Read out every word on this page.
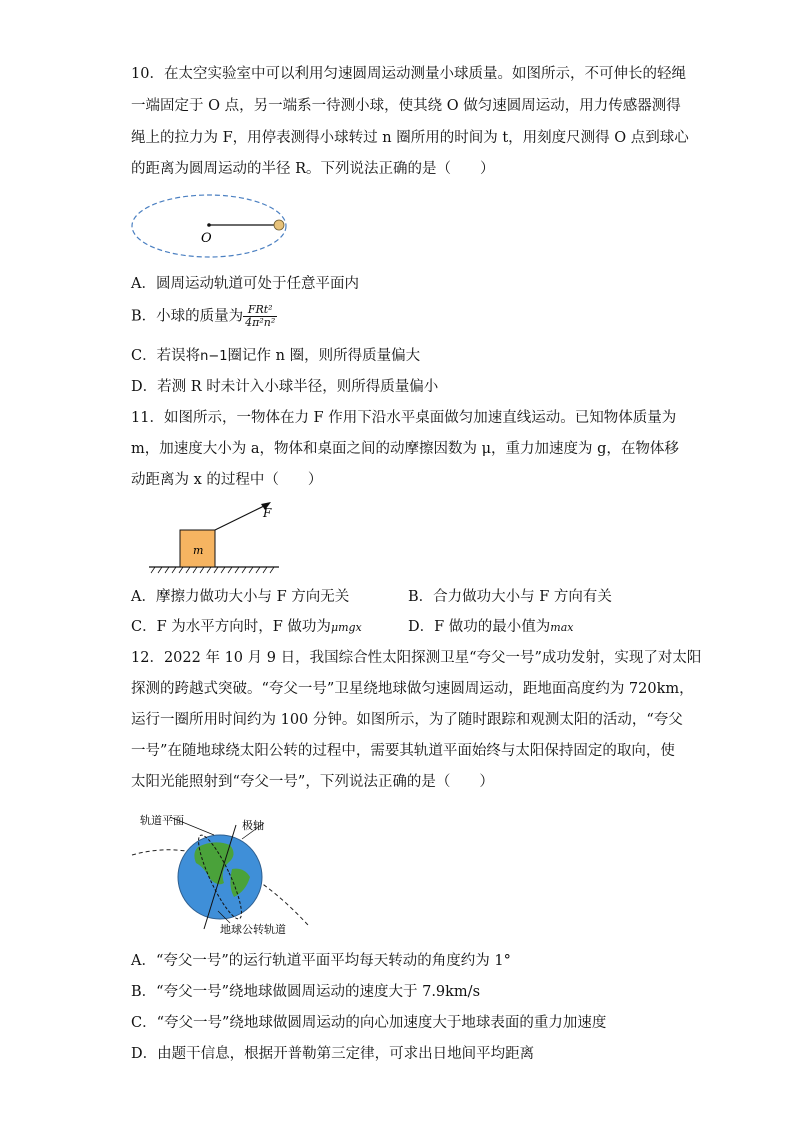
10．在太空实验室中可以利用匀速圆周运动测量小球质量。如图所示，不可伸长的轻绳
一端固定于 O 点，另一端系一待测小球，使其绕 O 做匀速圆周运动，用力传感器测得
绳上的拉力为 F，用停表测得小球转过 n 圈所用的时间为 t，用刻度尺测得 O 点到球心
的距离为圆周运动的半径 R。下列说法正确的是（　　）
O
A．圆周运动轨道可处于任意平面内
B．小球的质量为 $\frac{\text{FRt²}}{\text{4π²n²}}$
C．若误将n−1圈记作 n 圈，则所得质量偏大
D．若测 R 时未计入小球半径，则所得质量偏小
11．如图所示，一物体在力 F 作用下沿水平桌面做匀加速直线运动。已知物体质量为
m，加速度大小为 a，物体和桌面之间的动摩擦因数为 μ，重力加速度为 g，在物体移
动距离为 x 的过程中（　　）
m
F
A．摩擦力做功大小与 F 方向无关	B．合力做功大小与 F 方向有关
C．F 为水平方向时，F 做功为μmgx	D．F 做功的最小值为max
12．2022 年 10 月 9 日，我国综合性太阳探测卫星“夸父一号”成功发射，实现了对太阳
探测的跨越式突破。“夸父一号”卫星绕地球做匀速圆周运动，距地面高度约为 720km，
运行一圈所用时间约为 100 分钟。如图所示，为了随时跟踪和观测太阳的活动，“夸父
一号”在随地球绕太阳公转的过程中，需要其轨道平面始终与太阳保持固定的取向，使
太阳光能照射到“夸父一号”，下列说法正确的是（　　）
轨道平面	极轴
地球公转轨道
A．“夸父一号”的运行轨道平面平均每天转动的角度约为 1°
B．“夸父一号”绕地球做圆周运动的速度大于 7.9km/s
C．“夸父一号”绕地球做圆周运动的向心加速度大于地球表面的重力加速度
D．由题干信息，根据开普勒第三定律，可求出日地间平均距离
